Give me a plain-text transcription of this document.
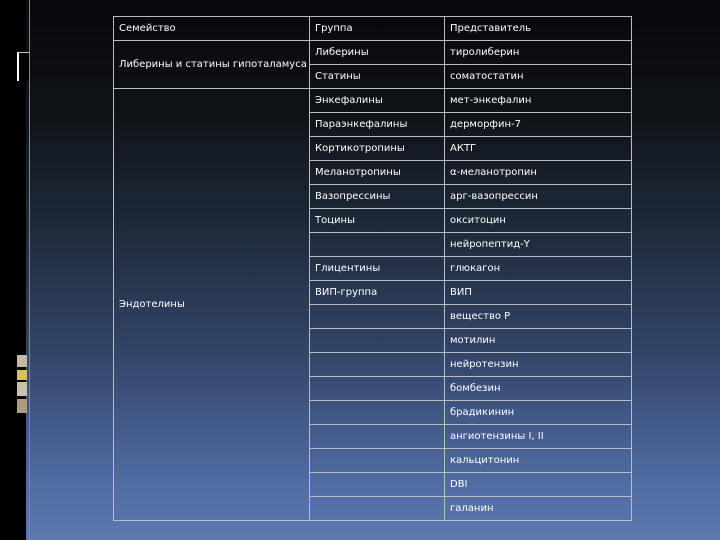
Семейство	Группа	Представитель
Либерины и статины гипоталамуса	Либерины	тиролиберин
	Статины	соматостатин
Эндотелины	Энкефалины	мет-энкефалин
	Параэнкефалины	дерморфин-7
	Кортикотропины	АКТГ
	Меланотропины	α-меланотропин
	Вазопрессины	арг-вазопрессин
	Тоцины	окситоцин
		нейропептид-Y
	Глицентины	глюкагон
	ВИП-группа	ВИП
		вещество Р
		мотилин
		нейротензин
		бомбезин
		брадикинин
		ангиотензины I, II
		кальцитонин
		DBI
		галанин
